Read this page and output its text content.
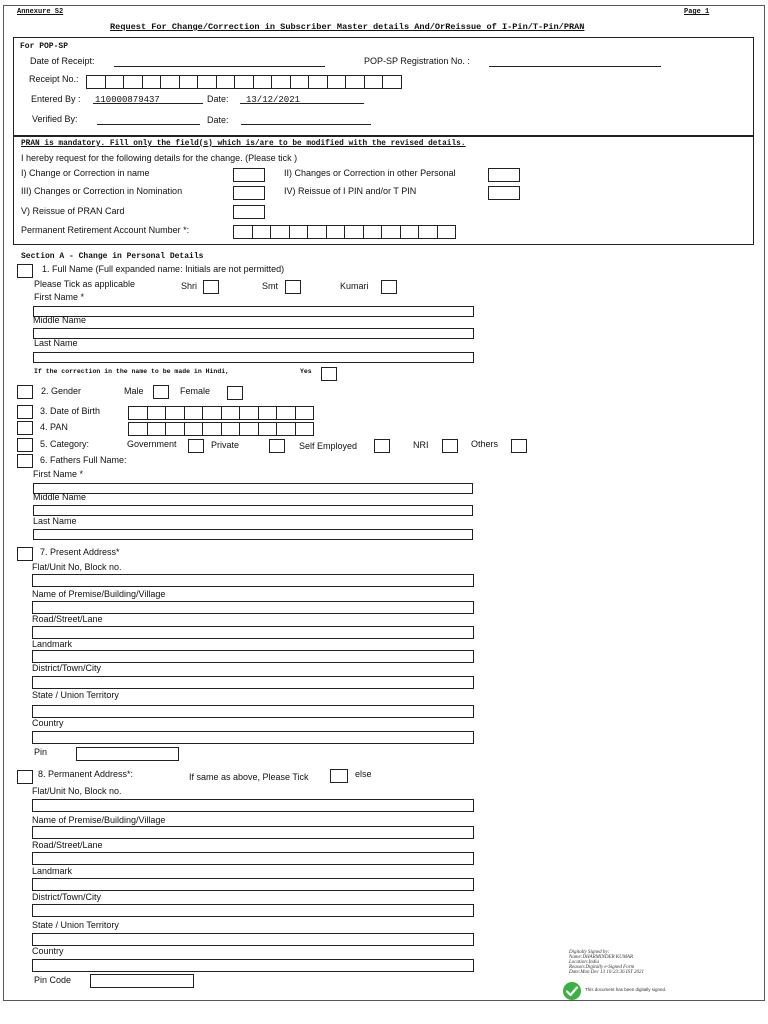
Annexure S2	Page 1
Request For Change/Correction in Subscriber Master details And/OrReissue of I-Pin/T-Pin/PRAN
For POP-SP
Date of Receipt:	POP-SP Registration No. :
Receipt No.:
Entered By : 110000879437	Date: 13/12/2021
Verified By:	Date:
PRAN is mandatory. Fill only the field(s) which is/are to be modified with the revised details.
I hereby request for the following details for the change. (Please tick )
I) Change or Correction in name	II) Changes or Correction in other Personal
III) Changes or Correction in Nomination	IV) Reissue of I PIN and/or T PIN
V) Reissue of PRAN Card
Permanent Retirement Account Number *:
Section A - Change in Personal Details
1. Full Name (Full expanded name: Initials are not permitted)
Please Tick as applicable	Shri	Smt	Kumari
First Name *
Middle Name
Last Name
If the correction in the name to be made in Hindi,	Yes
2. Gender	Male	Female
3. Date of Birth
4. PAN
5. Category:	Government	Private	Self Employed	NRI	Others
6. Fathers Full Name:
First Name *
Middle Name
Last Name
7. Present Address*
Flat/Unit No, Block no.
Name of Premise/Building/Village
Road/Street/Lane
Landmark
District/Town/City
State / Union Territory
Country
Pin
8. Permanent Address*:	If same as above, Please Tick	else
Flat/Unit No, Block no.
Name of Premise/Building/Village
Road/Street/Lane
Landmark
District/Town/City
State / Union Territory
Country
Pin Code
Digitally Signed by:
Name:DHARMINDER KUMAR
Location:India
Reason:Digitally e-Signed Form
Date:Mon Dec 13 10:23:36 IST 2021
This document has been digitally signed.
